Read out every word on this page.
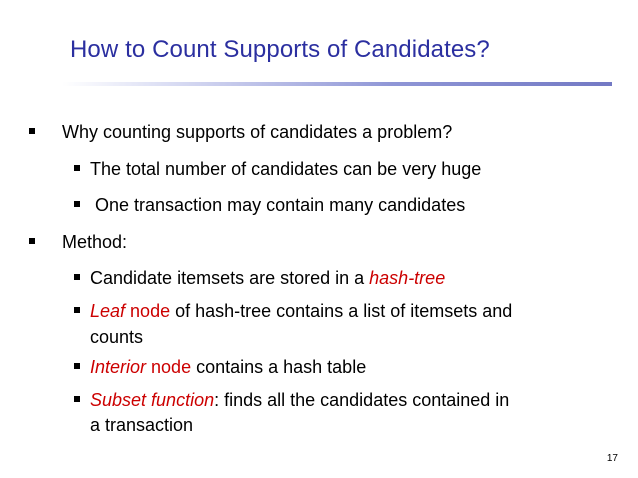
How to Count Supports of Candidates?
Why counting supports of candidates a problem?
The total number of candidates can be very huge
One transaction may contain many candidates
Method:
Candidate itemsets are stored in a hash-tree
Leaf node of hash-tree contains a list of itemsets and
counts
Interior node contains a hash table
Subset function: finds all the candidates contained in
a transaction
17
